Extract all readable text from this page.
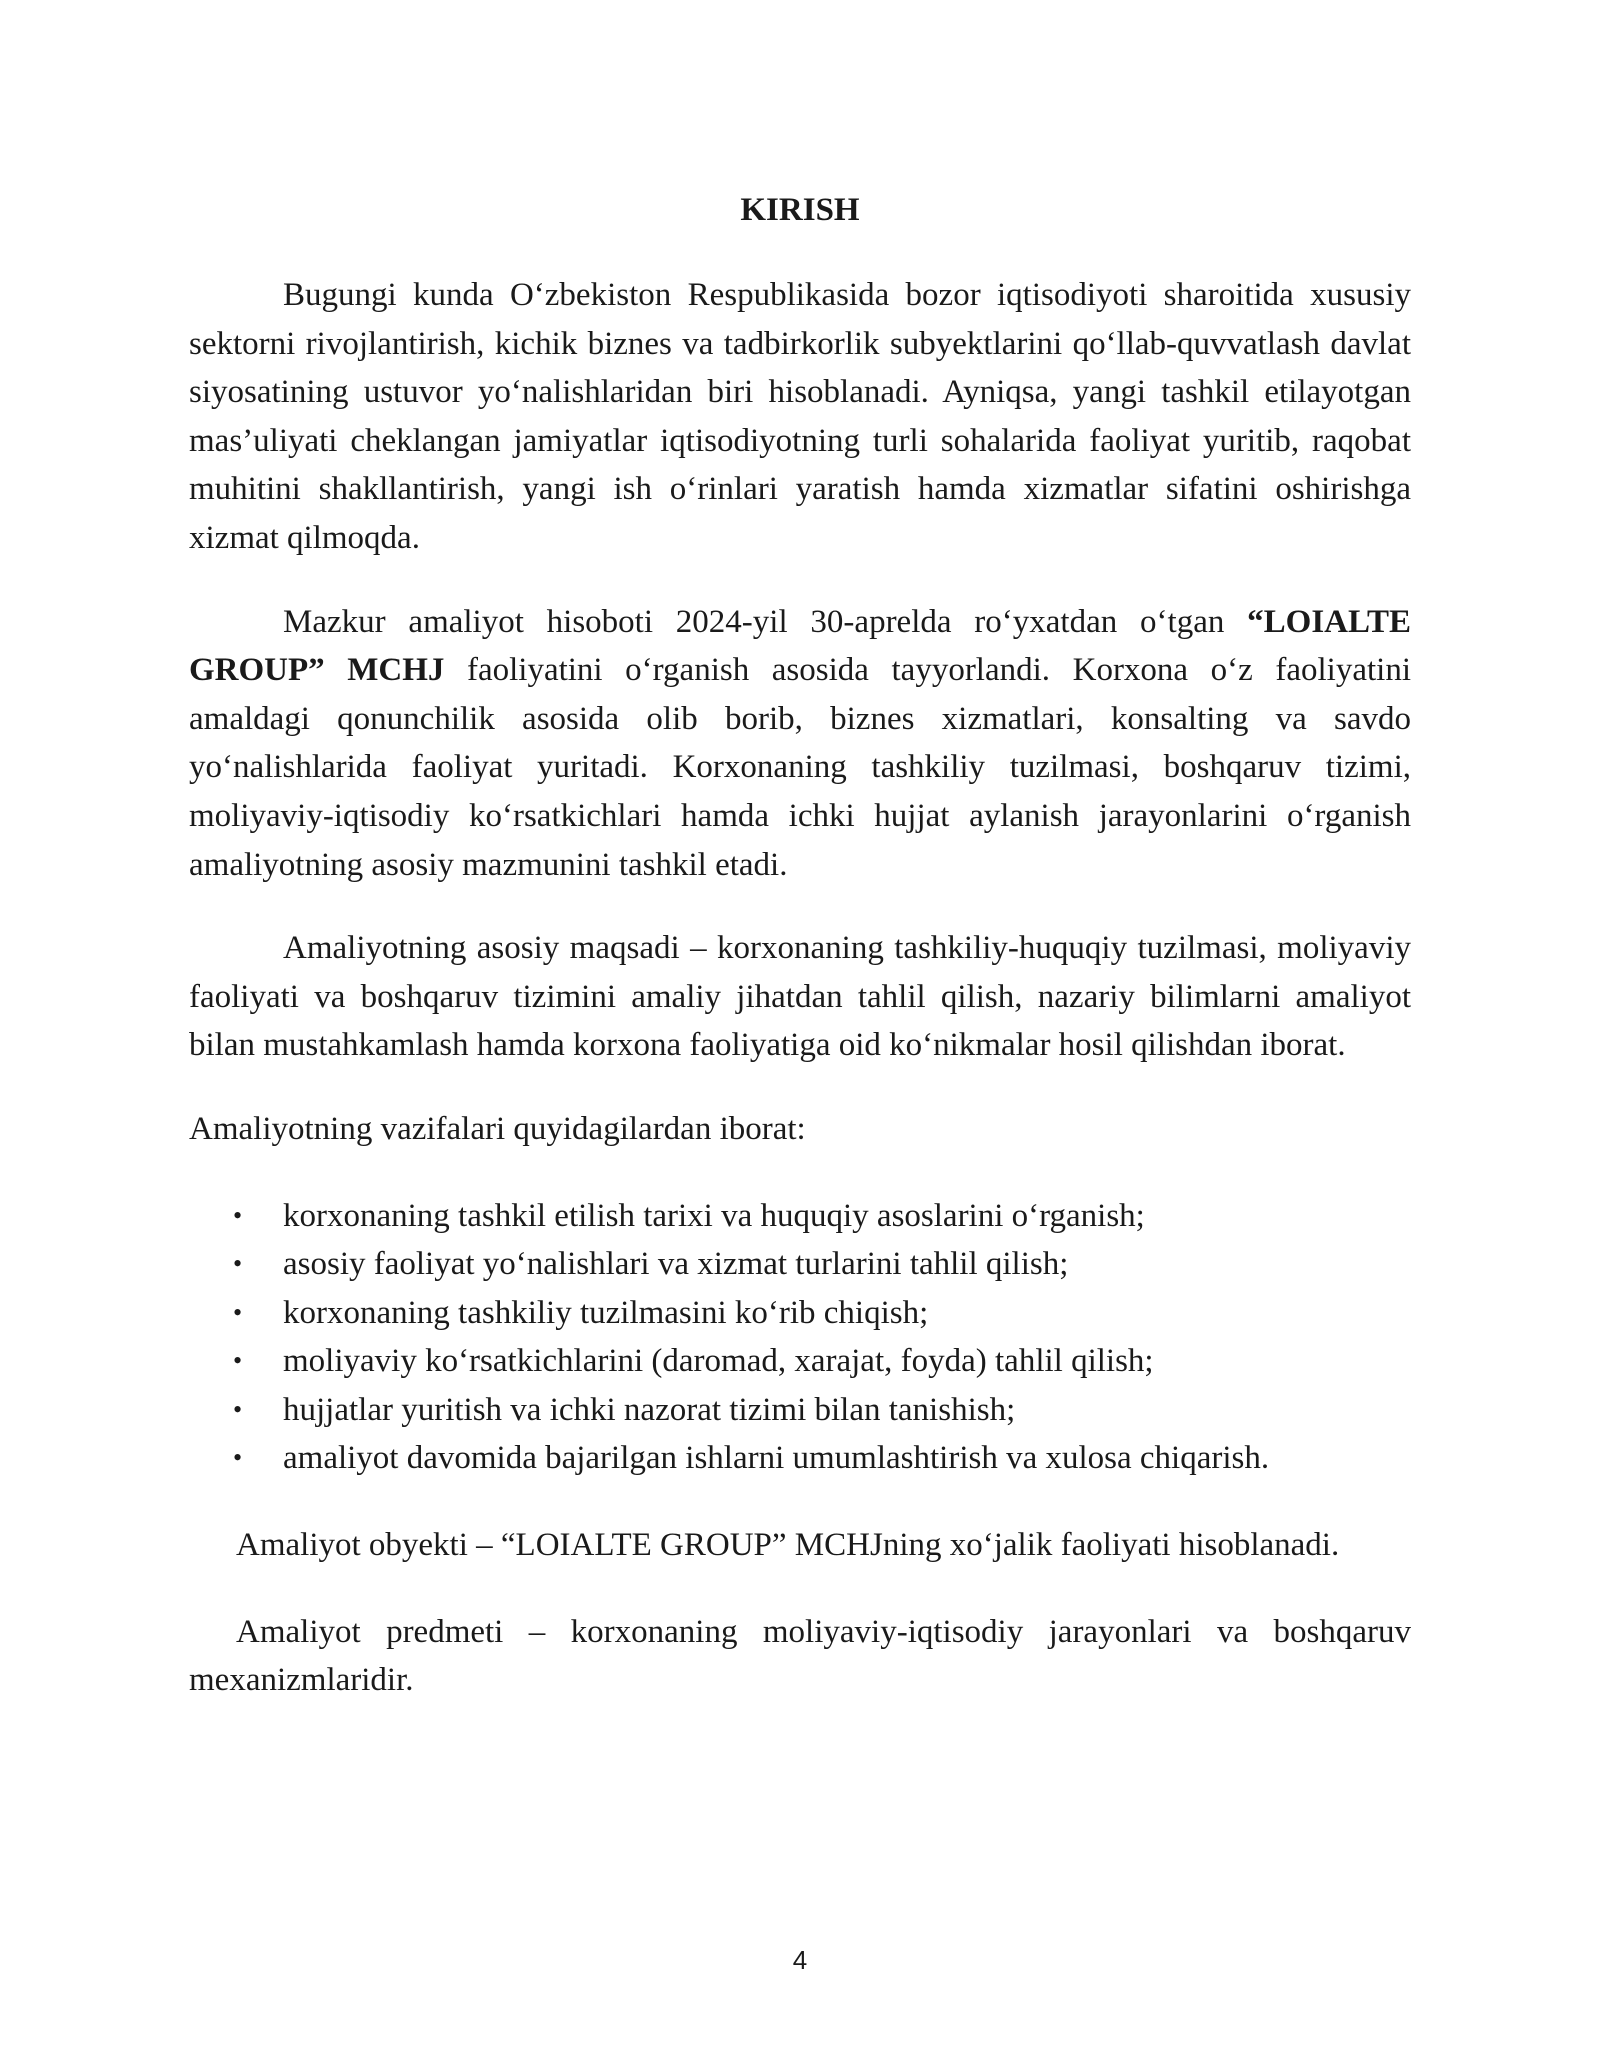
KIRISH

Bugungi kunda O‘zbekiston Respublikasida bozor iqtisodiyoti sharoitida xususiy sektorni rivojlantirish, kichik biznes va tadbirkorlik subyektlarini qo‘llab-quvvatlash davlat siyosatining ustuvor yo‘nalishlaridan biri hisoblanadi. Ayniqsa, yangi tashkil etilayotgan mas’uliyati cheklangan jamiyatlar iqtisodiyotning turli sohalarida faoliyat yuritib, raqobat muhitini shakllantirish, yangi ish o‘rinlari yaratish hamda xizmatlar sifatini oshirishga xizmat qilmoqda.

Mazkur amaliyot hisoboti 2024-yil 30-aprelda ro‘yxatdan o‘tgan “LOIALTE GROUP” MCHJ faoliyatini o‘rganish asosida tayyorlandi. Korxona o‘z faoliyatini amaldagi qonunchilik asosida olib borib, biznes xizmatlari, konsalting va savdo yo‘nalishlarida faoliyat yuritadi. Korxonaning tashkiliy tuzilmasi, boshqaruv tizimi, moliyaviy-iqtisodiy ko‘rsatkichlari hamda ichki hujjat aylanish jarayonlarini o‘rganish amaliyotning asosiy mazmunini tashkil etadi.

Amaliyotning asosiy maqsadi – korxonaning tashkiliy-huquqiy tuzilmasi, moliyaviy faoliyati va boshqaruv tizimini amaliy jihatdan tahlil qilish, nazariy bilimlarni amaliyot bilan mustahkamlash hamda korxona faoliyatiga oid ko‘nikmalar hosil qilishdan iborat.

Amaliyotning vazifalari quyidagilardan iborat:

• korxonaning tashkil etilish tarixi va huquqiy asoslarini o‘rganish;
• asosiy faoliyat yo‘nalishlari va xizmat turlarini tahlil qilish;
• korxonaning tashkiliy tuzilmasini ko‘rib chiqish;
• moliyaviy ko‘rsatkichlarini (daromad, xarajat, foyda) tahlil qilish;
• hujjatlar yuritish va ichki nazorat tizimi bilan tanishish;
• amaliyot davomida bajarilgan ishlarni umumlashtirish va xulosa chiqarish.

Amaliyot obyekti – “LOIALTE GROUP” MCHJning xo‘jalik faoliyati hisoblanadi.

Amaliyot predmeti – korxonaning moliyaviy-iqtisodiy jarayonlari va boshqaruv mexanizmlaridir.

4
